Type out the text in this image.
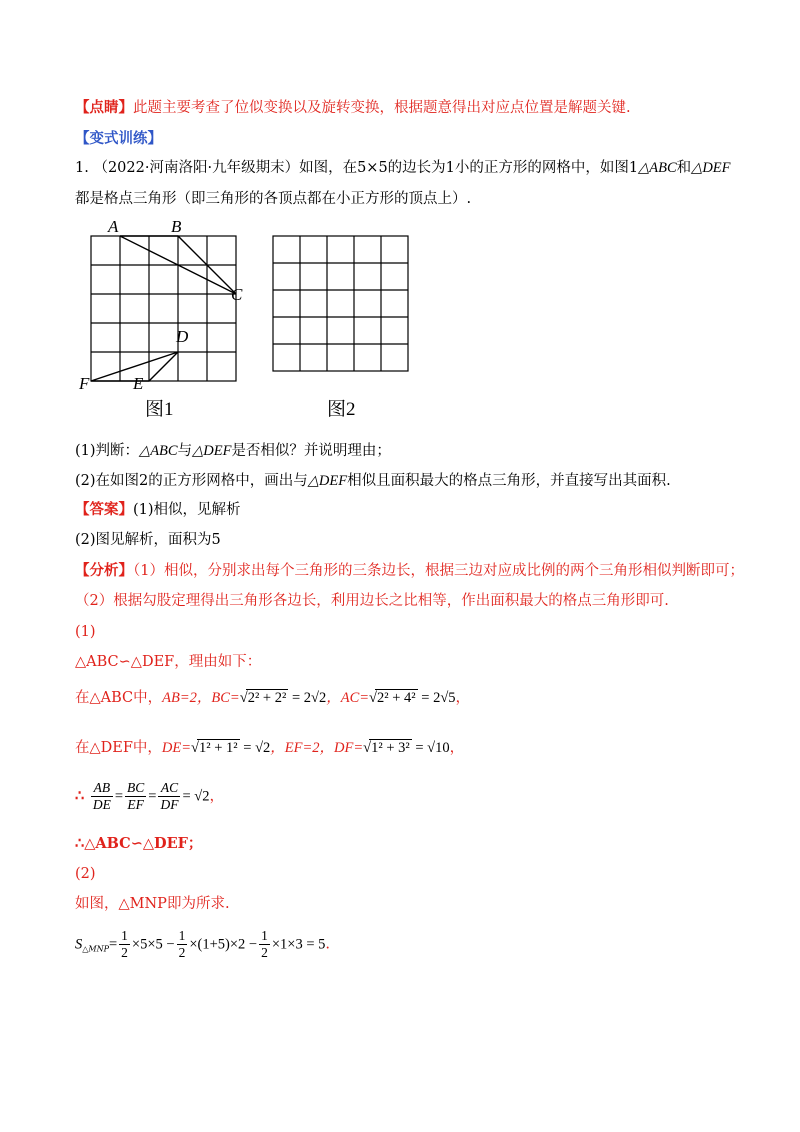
【点睛】此题主要考查了位似变换以及旋转变换，根据题意得出对应点位置是解题关键.
【变式训练】
1. （2022·河南洛阳·九年级期末）如图，在5×5的边长为1小的正方形的网格中，如图1△ABC和△DEF
都是格点三角形（即三角形的各顶点都在小正方形的顶点上）.
A	B
C
D
E
F
图1	图2
(1)判断：△ABC与△DEF是否相似？并说明理由；
(2)在如图2的正方形网格中，画出与△DEF相似且面积最大的格点三角形，并直接写出其面积.
【答案】(1)相似，见解析
(2)图见解析，面积为5
【分析】（1）相似，分别求出每个三角形的三条边长，根据三边对应成比例的两个三角形相似判断即可；
（2）根据勾股定理得出三角形各边长，利用边长之比相等，作出面积最大的格点三角形即可.
(1)
△ABC∽△DEF，理由如下：
在△ABC中，AB=2，BC=√2² + 2² = 2√2，AC=√2² + 4² = 2√5，
在△DEF中，DE=√1² + 1² = √2，EF=2，DF=√1² + 3² = √10，
∴ $\frac{AB}{DE} = \frac{BC}{EF} = \frac{AC}{DF} = √2$，
∴△ABC∽△DEF；
(2)
如图，△MNP即为所求.
$S_{\triangle MNP}= \frac{1}{2} \times 5\times 5 - \frac{1}{2} \times(1+5)\times 2 - \frac{1}{2} \times 1\times 3 = 5$.
